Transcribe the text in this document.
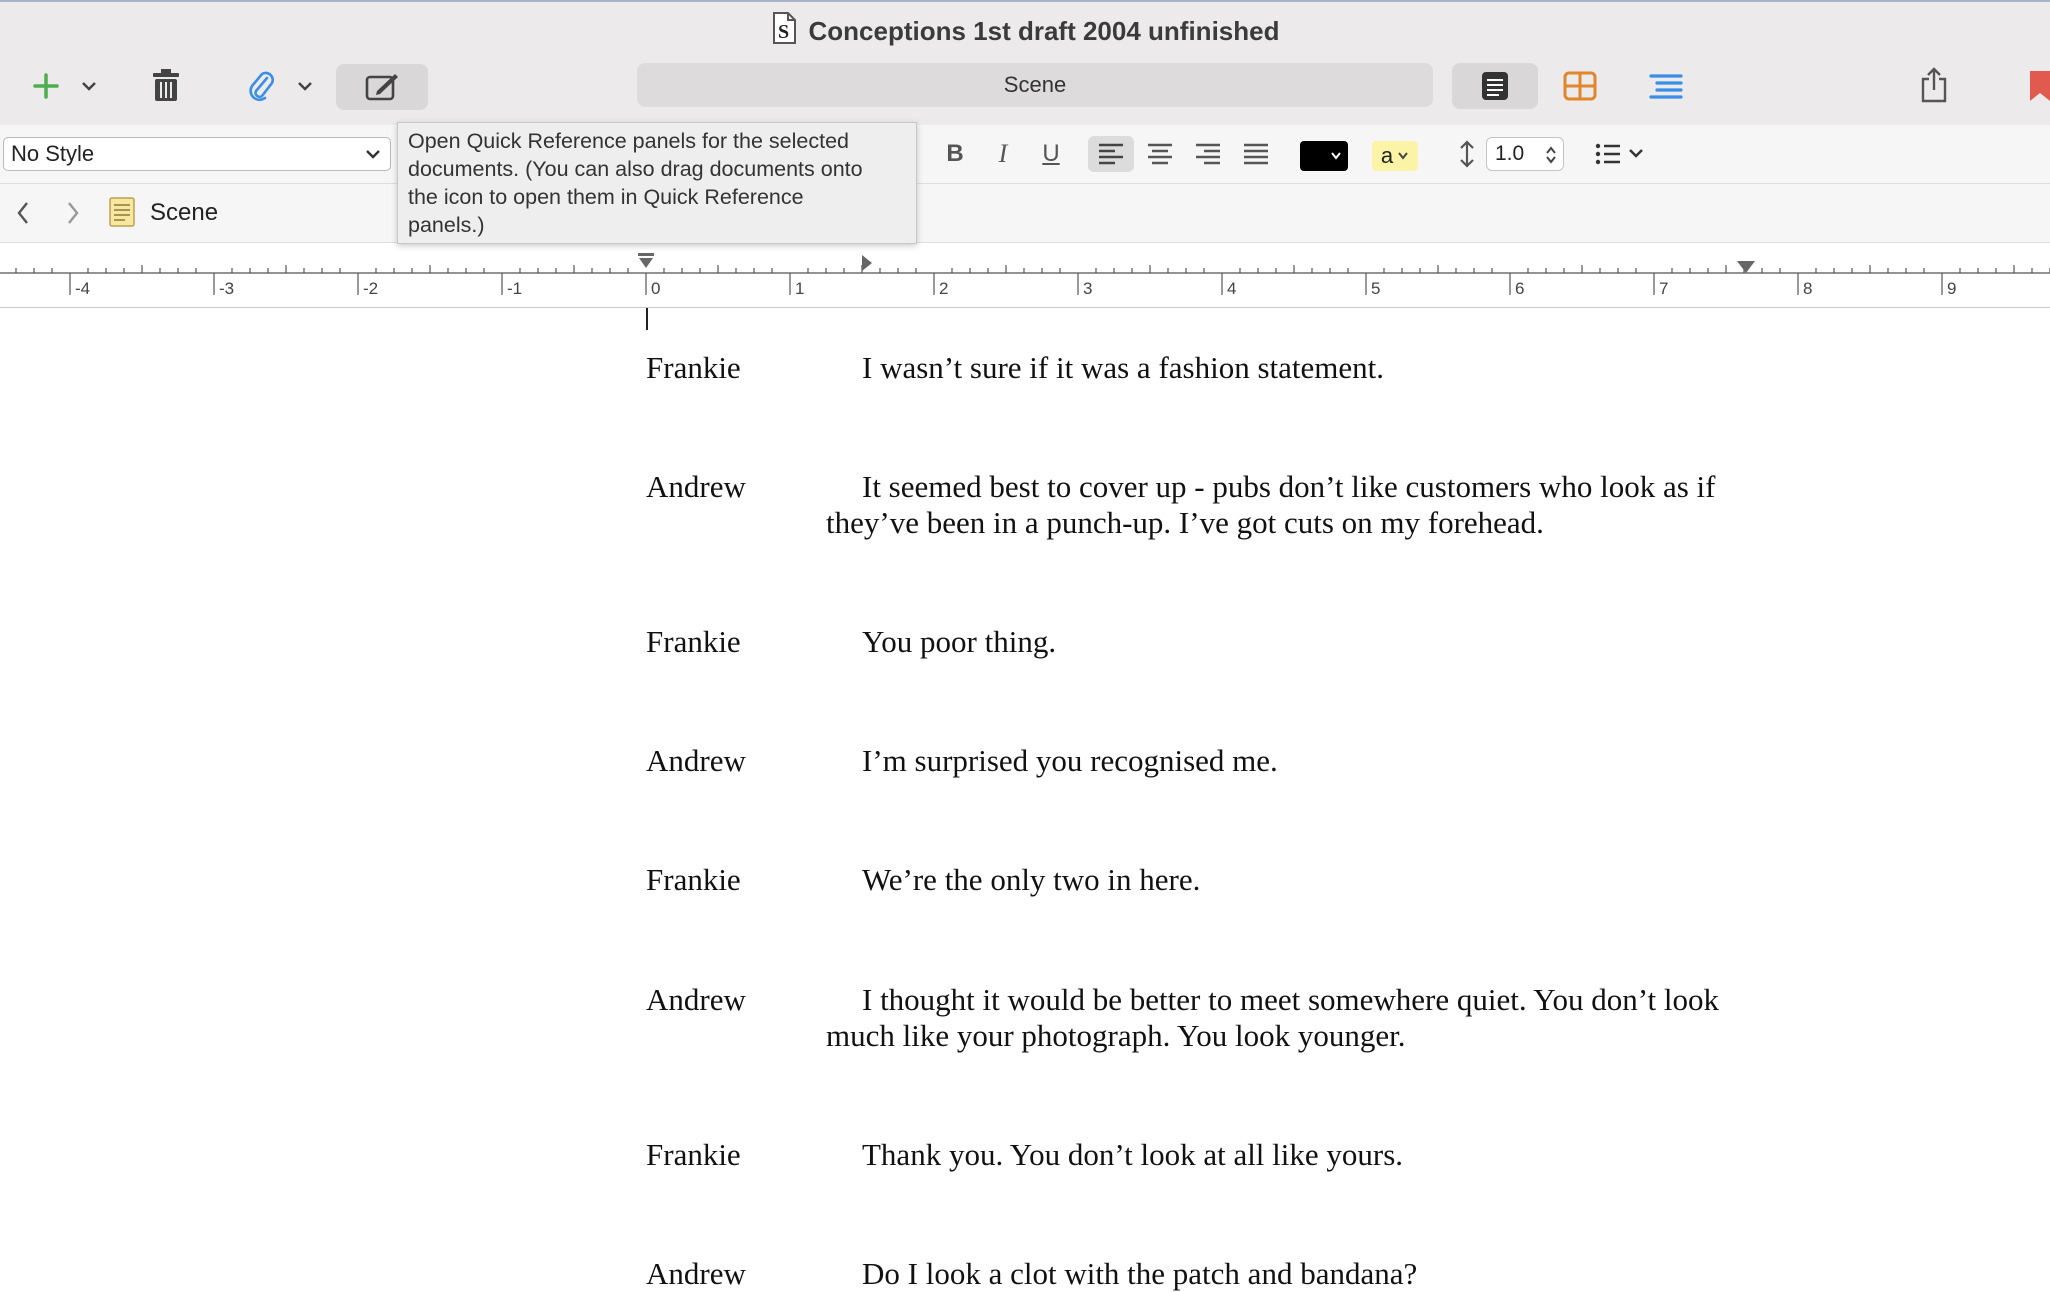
S Conceptions 1st draft 2004 unfinished
Scene
No Style	B	I	U	a	1.0
Scene
Open Quick Reference panels for the selected
documents. (You can also drag documents onto
the icon to open them in Quick Reference
panels.)
-4	-3	-2	-1	0	1	2	3	4	5	6	7	8	9
Frankie	I wasn’t sure if it was a fashion statement.
Andrew	It seemed best to cover up - pubs don’t like customers who look as if
they’ve been in a punch-up. I’ve got cuts on my forehead.
Frankie	You poor thing.
Andrew	I’m surprised you recognised me.
Frankie	We’re the only two in here.
Andrew	I thought it would be better to meet somewhere quiet. You don’t look
much like your photograph. You look younger.
Frankie	Thank you. You don’t look at all like yours.
Andrew	Do I look a clot with the patch and bandana?
